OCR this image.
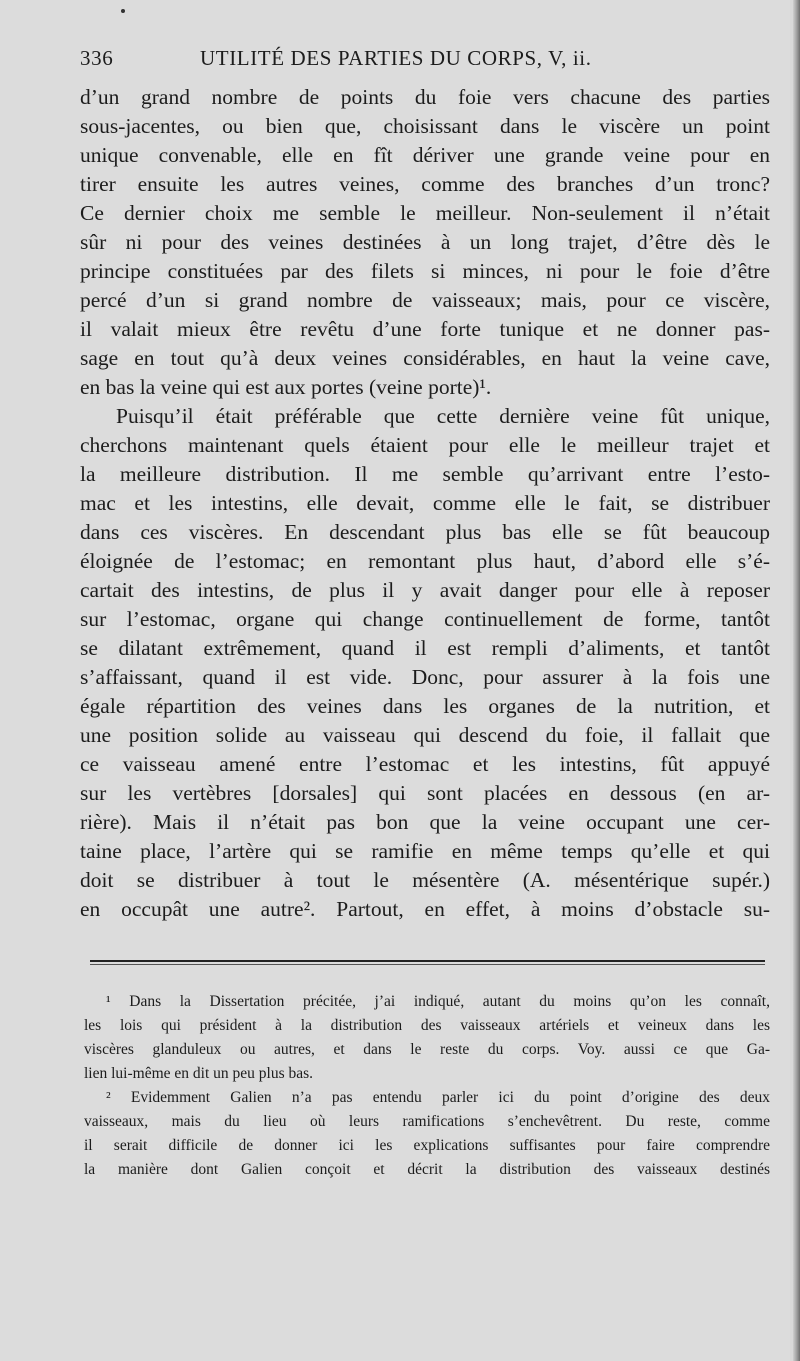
336	UTILITÉ DES PARTIES DU CORPS, V, ii.
d’un grand nombre de points du foie vers chacune des parties
sous-jacentes, ou bien que, choisissant dans le viscère un point
unique convenable, elle en fît dériver une grande veine pour en
tirer ensuite les autres veines, comme des branches d’un tronc?
Ce dernier choix me semble le meilleur. Non-seulement il n’était
sûr ni pour des veines destinées à un long trajet, d’être dès le
principe constituées par des filets si minces, ni pour le foie d’être
percé d’un si grand nombre de vaisseaux; mais, pour ce viscère,
il valait mieux être revêtu d’une forte tunique et ne donner pas-
sage en tout qu’à deux veines considérables, en haut la veine cave,
en bas la veine qui est aux portes (veine porte)¹.
Puisqu’il était préférable que cette dernière veine fût unique,
cherchons maintenant quels étaient pour elle le meilleur trajet et
la meilleure distribution. Il me semble qu’arrivant entre l’esto-
mac et les intestins, elle devait, comme elle le fait, se distribuer
dans ces viscères. En descendant plus bas elle se fût beaucoup
éloignée de l’estomac; en remontant plus haut, d’abord elle s’é-
cartait des intestins, de plus il y avait danger pour elle à reposer
sur l’estomac, organe qui change continuellement de forme, tantôt
se dilatant extrêmement, quand il est rempli d’aliments, et tantôt
s’affaissant, quand il est vide. Donc, pour assurer à la fois une
égale répartition des veines dans les organes de la nutrition, et
une position solide au vaisseau qui descend du foie, il fallait que
ce vaisseau amené entre l’estomac et les intestins, fût appuyé
sur les vertèbres [dorsales] qui sont placées en dessous (en ar-
rière). Mais il n’était pas bon que la veine occupant une cer-
taine place, l’artère qui se ramifie en même temps qu’elle et qui
doit se distribuer à tout le mésentère (A. mésentérique supér.)
en occupât une autre². Partout, en effet, à moins d’obstacle su-
¹ Dans la Dissertation précitée, j’ai indiqué, autant du moins qu’on les connaît,
les lois qui président à la distribution des vaisseaux artériels et veineux dans les
viscères glanduleux ou autres, et dans le reste du corps. Voy. aussi ce que Ga-
lien lui-même en dit un peu plus bas.
² Evidemment Galien n’a pas entendu parler ici du point d’origine des deux
vaisseaux, mais du lieu où leurs ramifications s’enchevêtrent. Du reste, comme
il serait difficile de donner ici les explications suffisantes pour faire comprendre
la manière dont Galien conçoit et décrit la distribution des vaisseaux destinés
